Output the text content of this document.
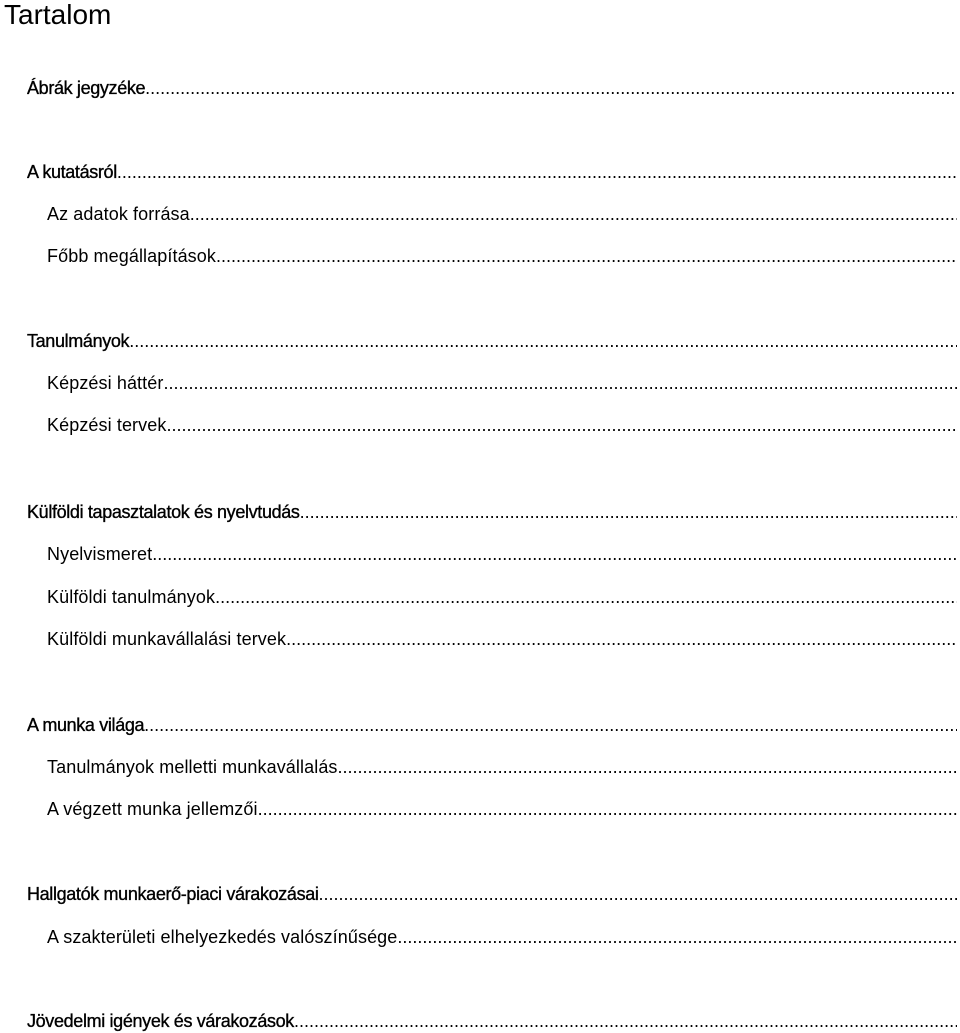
Tartalom
Ábrák jegyzéke
.....
A kutatásról
.....
Az adatok forrása
.....
Főbb megállapítások
.....
Tanulmányok
.....
Képzési háttér
.....
Képzési tervek
.....
Külföldi tapasztalatok és nyelvtudás
.....
Nyelvismeret
.....
Külföldi tanulmányok
.....
Külföldi munkavállalási tervek
.....
A munka világa
.....
Tanulmányok melletti munkavállalás
.....
A végzett munka jellemzői
.....
Hallgatók munkaerő-piaci várakozásai
.....
A szakterületi elhelyezkedés valószínűsége
.....
Jövedelmi igények és várakozások
.....
